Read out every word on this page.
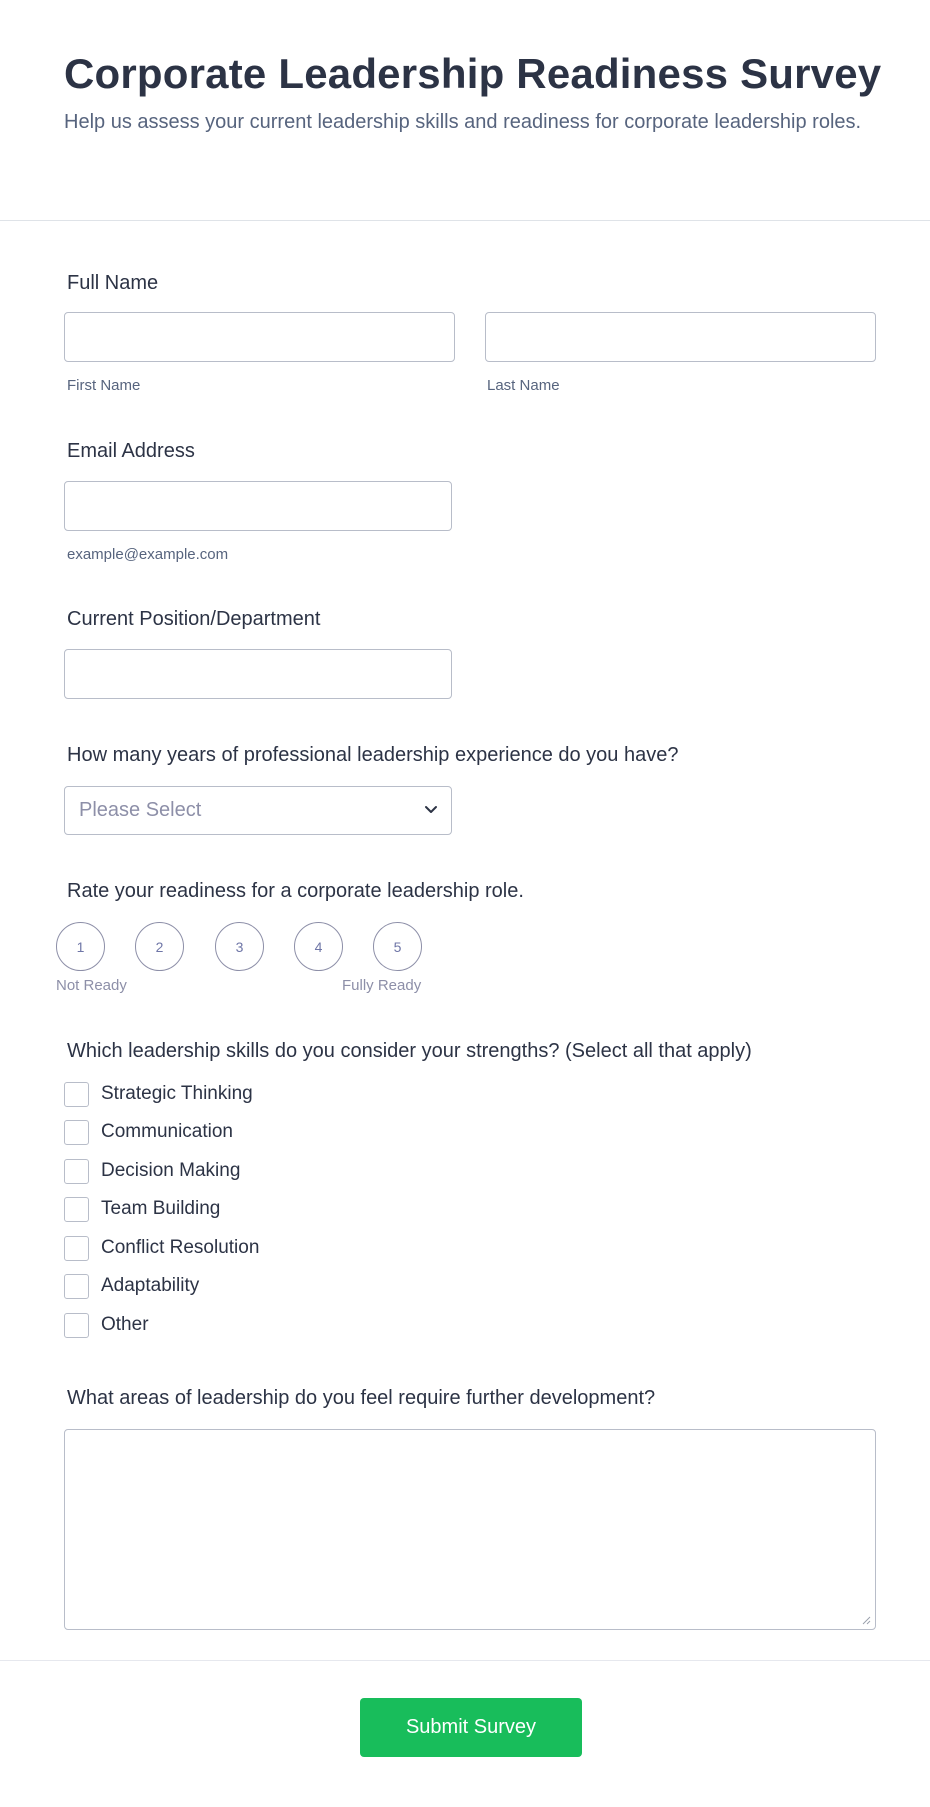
Corporate Leadership Readiness Survey

Help us assess your current leadership skills and readiness for corporate leadership roles.

Full Name
First Name	Last Name
Email Address
example@example.com
Current Position/Department
How many years of professional leadership experience do you have?
Please Select
Rate your readiness for a corporate leadership role.
1	2	3	4	5
Not Ready	Fully Ready
Which leadership skills do you consider your strengths? (Select all that apply)
Strategic Thinking
Communication
Decision Making
Team Building
Conflict Resolution
Adaptability
Other
What areas of leadership do you feel require further development?
Submit Survey
